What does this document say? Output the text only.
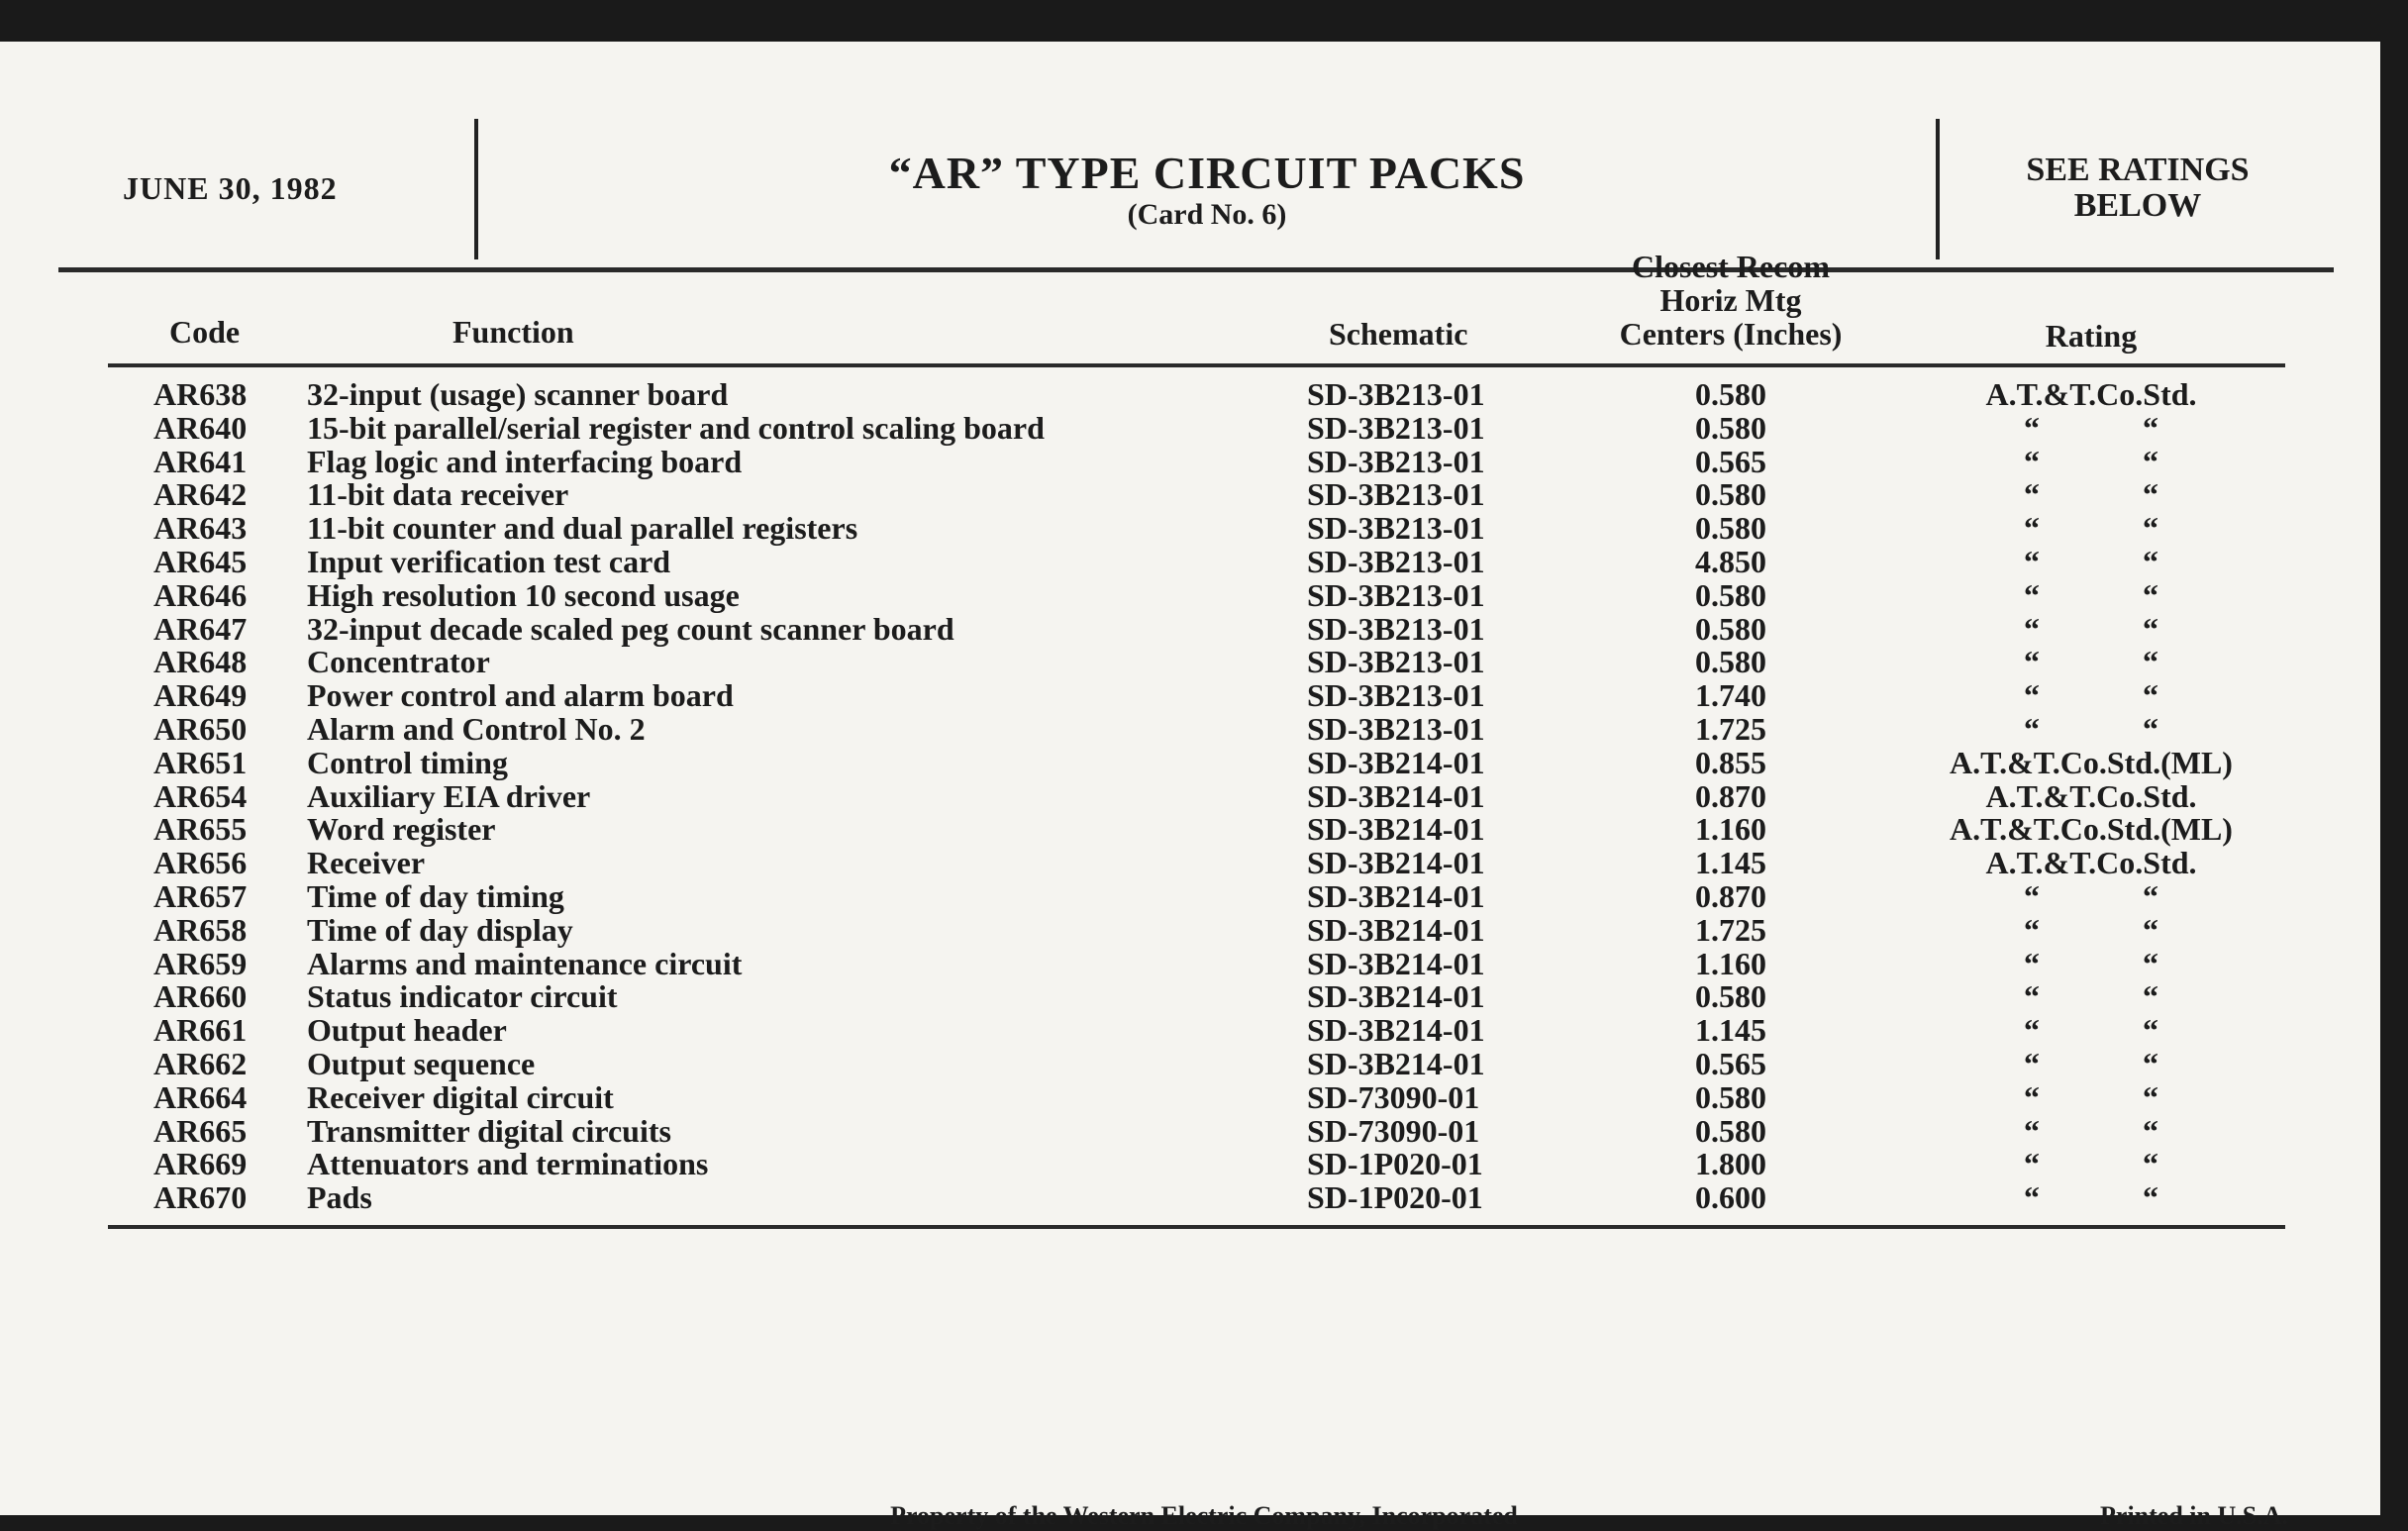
JUNE 30, 1982	“AR” TYPE CIRCUIT PACKS
(Card No. 6)
SEE RATINGS
BELOW
Code	Function	Schematic
Closest Recom
Horiz Mtg
Centers (Inches)	Rating
AR638 32-input (usage) scanner board	SD-3B213-01	0.580	A.T.&T.Co.Std.
AR640 15-bit parallel/serial register and control scaling board	SD-3B213-01	0.580	“ “
AR641 Flag logic and interfacing board	SD-3B213-01	0.565	“ “
AR642 11-bit data receiver	SD-3B213-01	0.580	“ “
AR643 11-bit counter and dual parallel registers	SD-3B213-01	0.580	“ “
AR645 Input verification test card	SD-3B213-01	4.850	“ “
AR646 High resolution 10 second usage	SD-3B213-01	0.580	“ “
AR647 32-input decade scaled peg count scanner board	SD-3B213-01	0.580	“ “
AR648 Concentrator	SD-3B213-01	0.580	“ “
AR649 Power control and alarm board	SD-3B213-01	1.740	“ “
AR650 Alarm and Control No. 2	SD-3B213-01	1.725	“ “
AR651 Control timing	SD-3B214-01	0.855	A.T.&T.Co.Std.(ML)
AR654 Auxiliary EIA driver	SD-3B214-01	0.870	A.T.&T.Co.Std.
AR655 Word register	SD-3B214-01	1.160	A.T.&T.Co.Std.(ML)
AR656 Receiver	SD-3B214-01	1.145	A.T.&T.Co.Std.
AR657 Time of day timing	SD-3B214-01	0.870	“ “
AR658 Time of day display	SD-3B214-01	1.725	“ “
AR659 Alarms and maintenance circuit	SD-3B214-01	1.160	“ “
AR660 Status indicator circuit	SD-3B214-01	0.580	“ “
AR661 Output header	SD-3B214-01	1.145	“ “
AR662 Output sequence	SD-3B214-01	0.565	“ “
AR664 Receiver digital circuit	SD-73090-01	0.580	“ “
AR665 Transmitter digital circuits	SD-73090-01	0.580	“ “
AR669 Attenuators and terminations	SD-1P020-01	1.800	“ “
AR670 Pads	SD-1P020-01	0.600	“ “
Property of the Western Electric Company, Incorporated	Printed in U.S.A.
